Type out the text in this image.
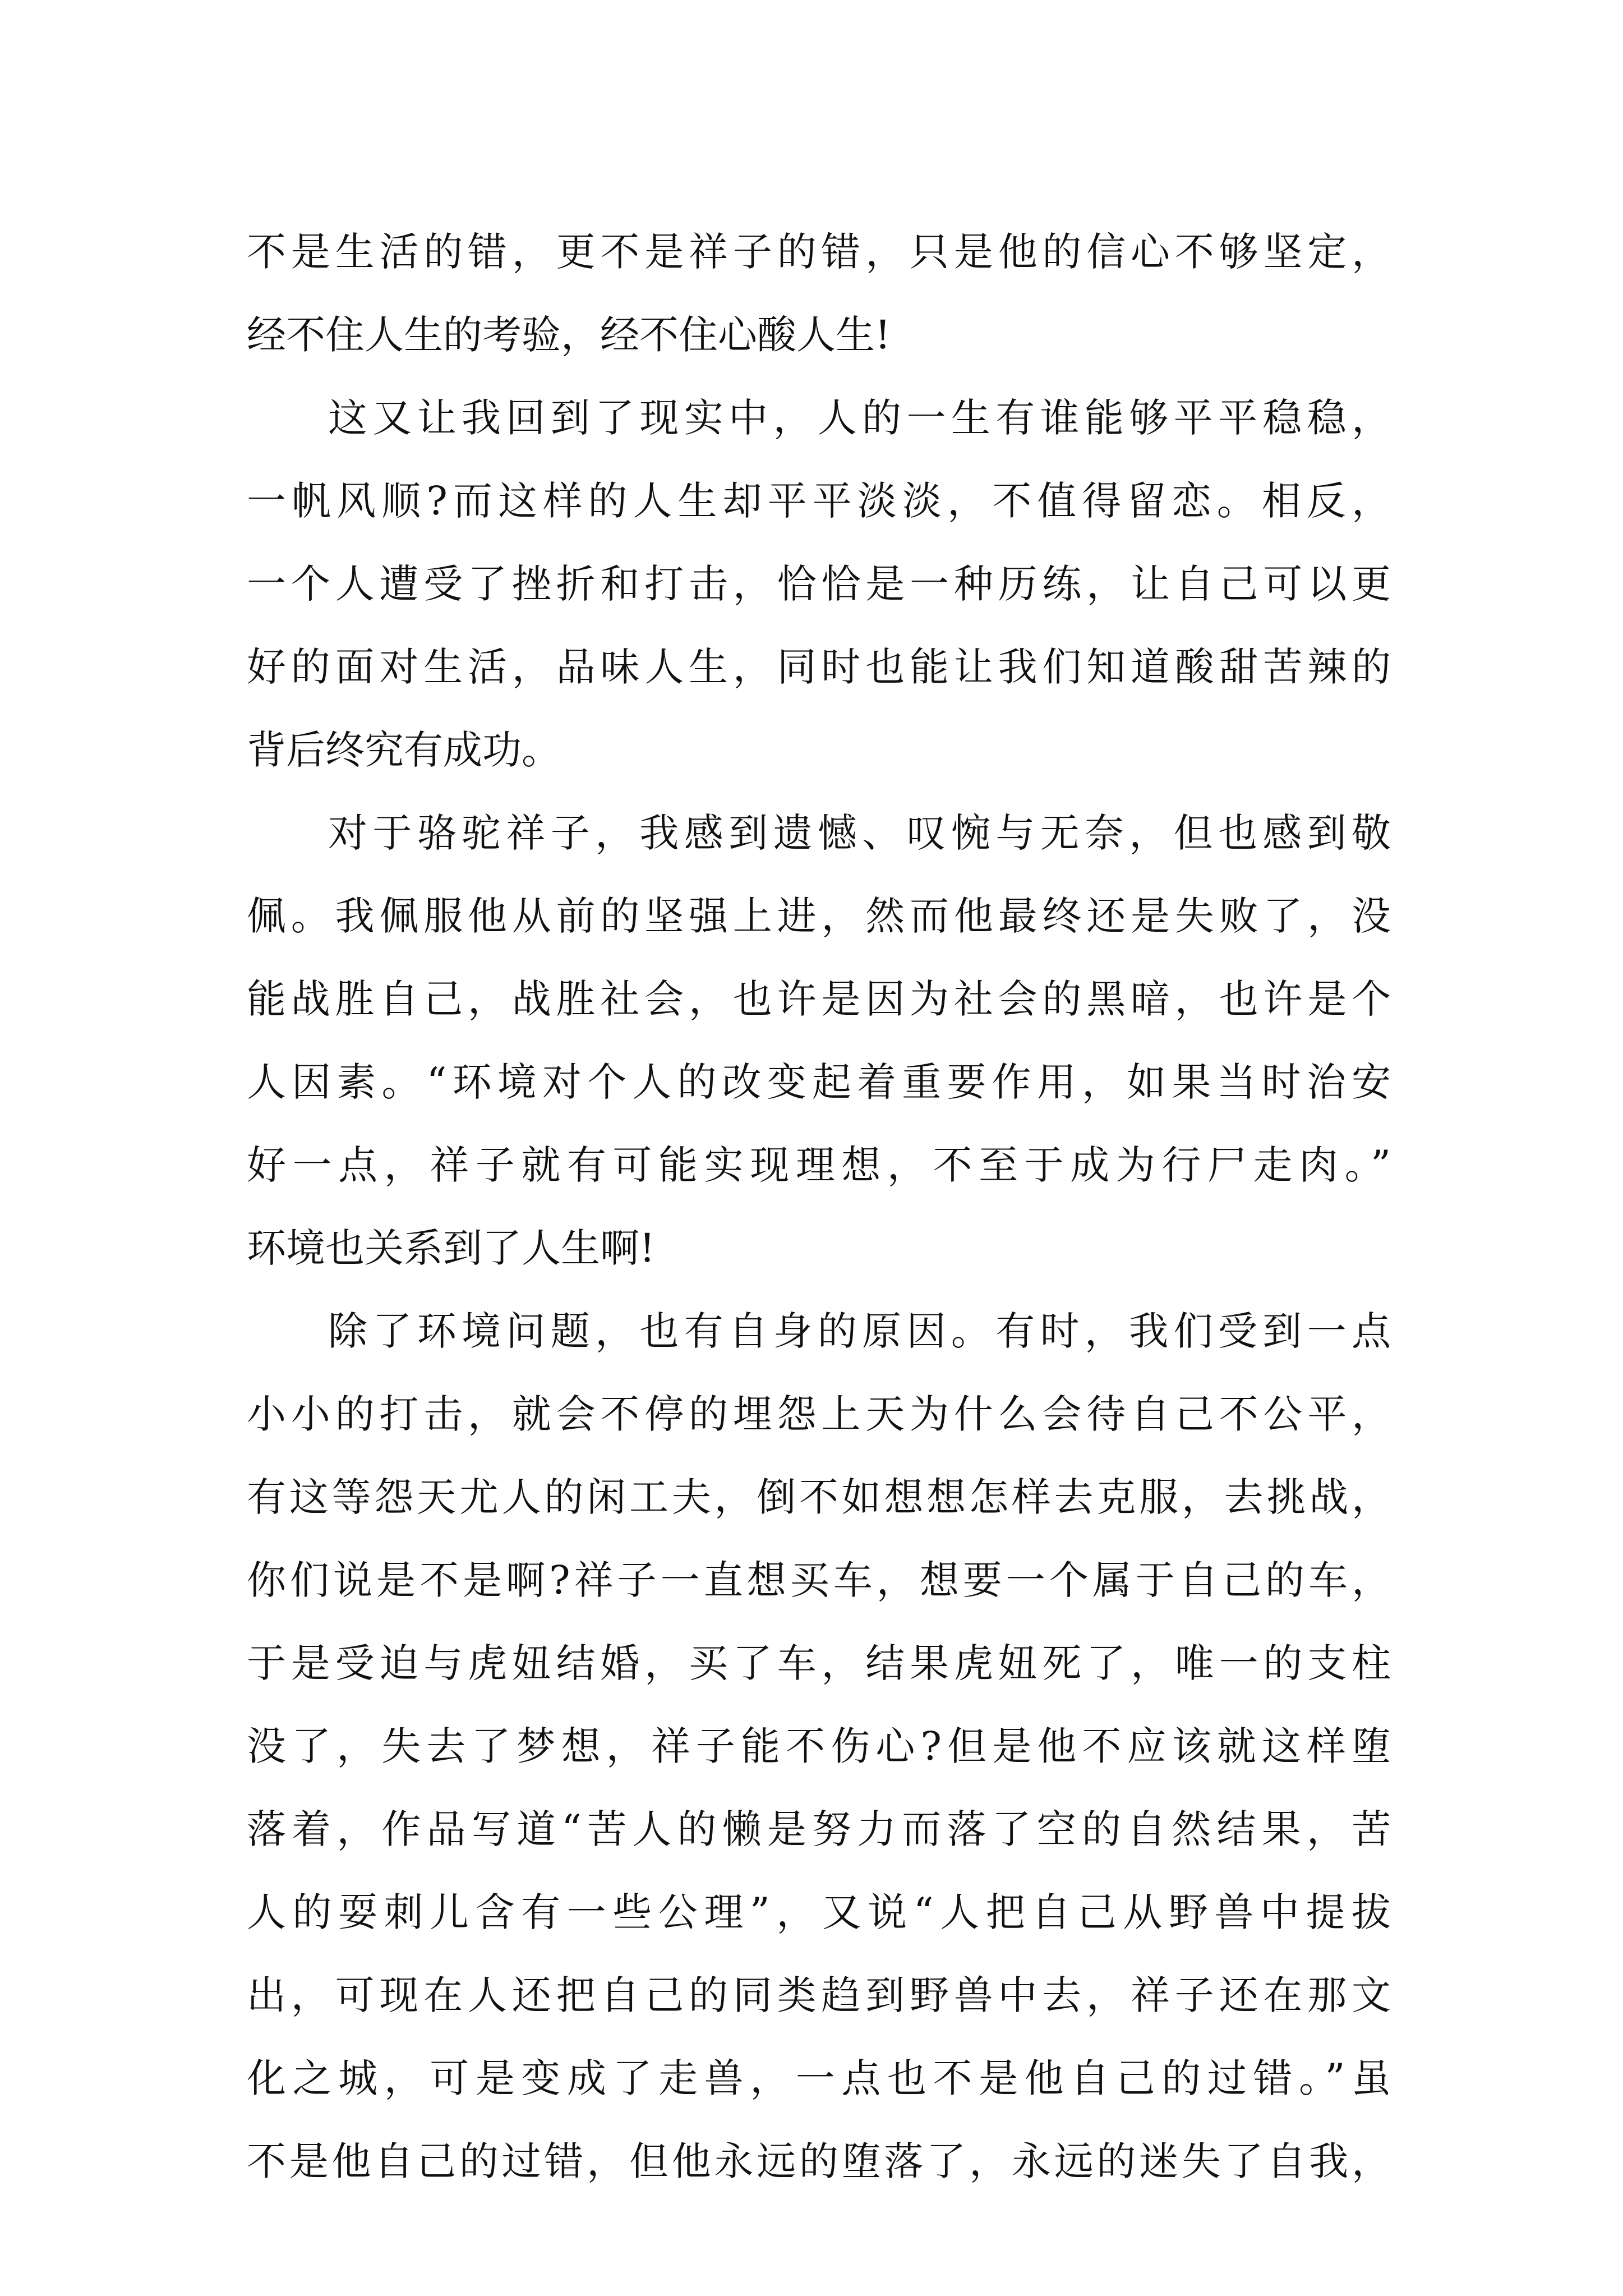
不是生活的错，更不是祥子的错，只是他的信心不够坚定，
经不住人生的考验，经不住心酸人生!
这又让我回到了现实中，人的一生有谁能够平平稳稳，
一帆风顺?而这样的人生却平平淡淡，不值得留恋。相反，
一个人遭受了挫折和打击，恰恰是一种历练，让自己可以更
好的面对生活，品味人生，同时也能让我们知道酸甜苦辣的
背后终究有成功。
对于骆驼祥子，我感到遗憾、叹惋与无奈，但也感到敬
佩。我佩服他从前的坚强上进，然而他最终还是失败了，没
能战胜自己，战胜社会，也许是因为社会的黑暗，也许是个
人因素。“环境对个人的改变起着重要作用，如果当时治安
好一点，祥子就有可能实现理想，不至于成为行尸走肉。”
环境也关系到了人生啊!
除了环境问题，也有自身的原因。有时，我们受到一点
小小的打击，就会不停的埋怨上天为什么会待自己不公平，
有这等怨天尤人的闲工夫，倒不如想想怎样去克服，去挑战，
你们说是不是啊?祥子一直想买车，想要一个属于自己的车，
于是受迫与虎妞结婚，买了车，结果虎妞死了，唯一的支柱
没了，失去了梦想，祥子能不伤心?但是他不应该就这样堕
落着，作品写道“苦人的懒是努力而落了空的自然结果，苦
人的耍刺儿含有一些公理”，又说“人把自己从野兽中提拔
出，可现在人还把自己的同类趋到野兽中去，祥子还在那文
化之城，可是变成了走兽，一点也不是他自己的过错。”虽
不是他自己的过错，但他永远的堕落了，永远的迷失了自我，
